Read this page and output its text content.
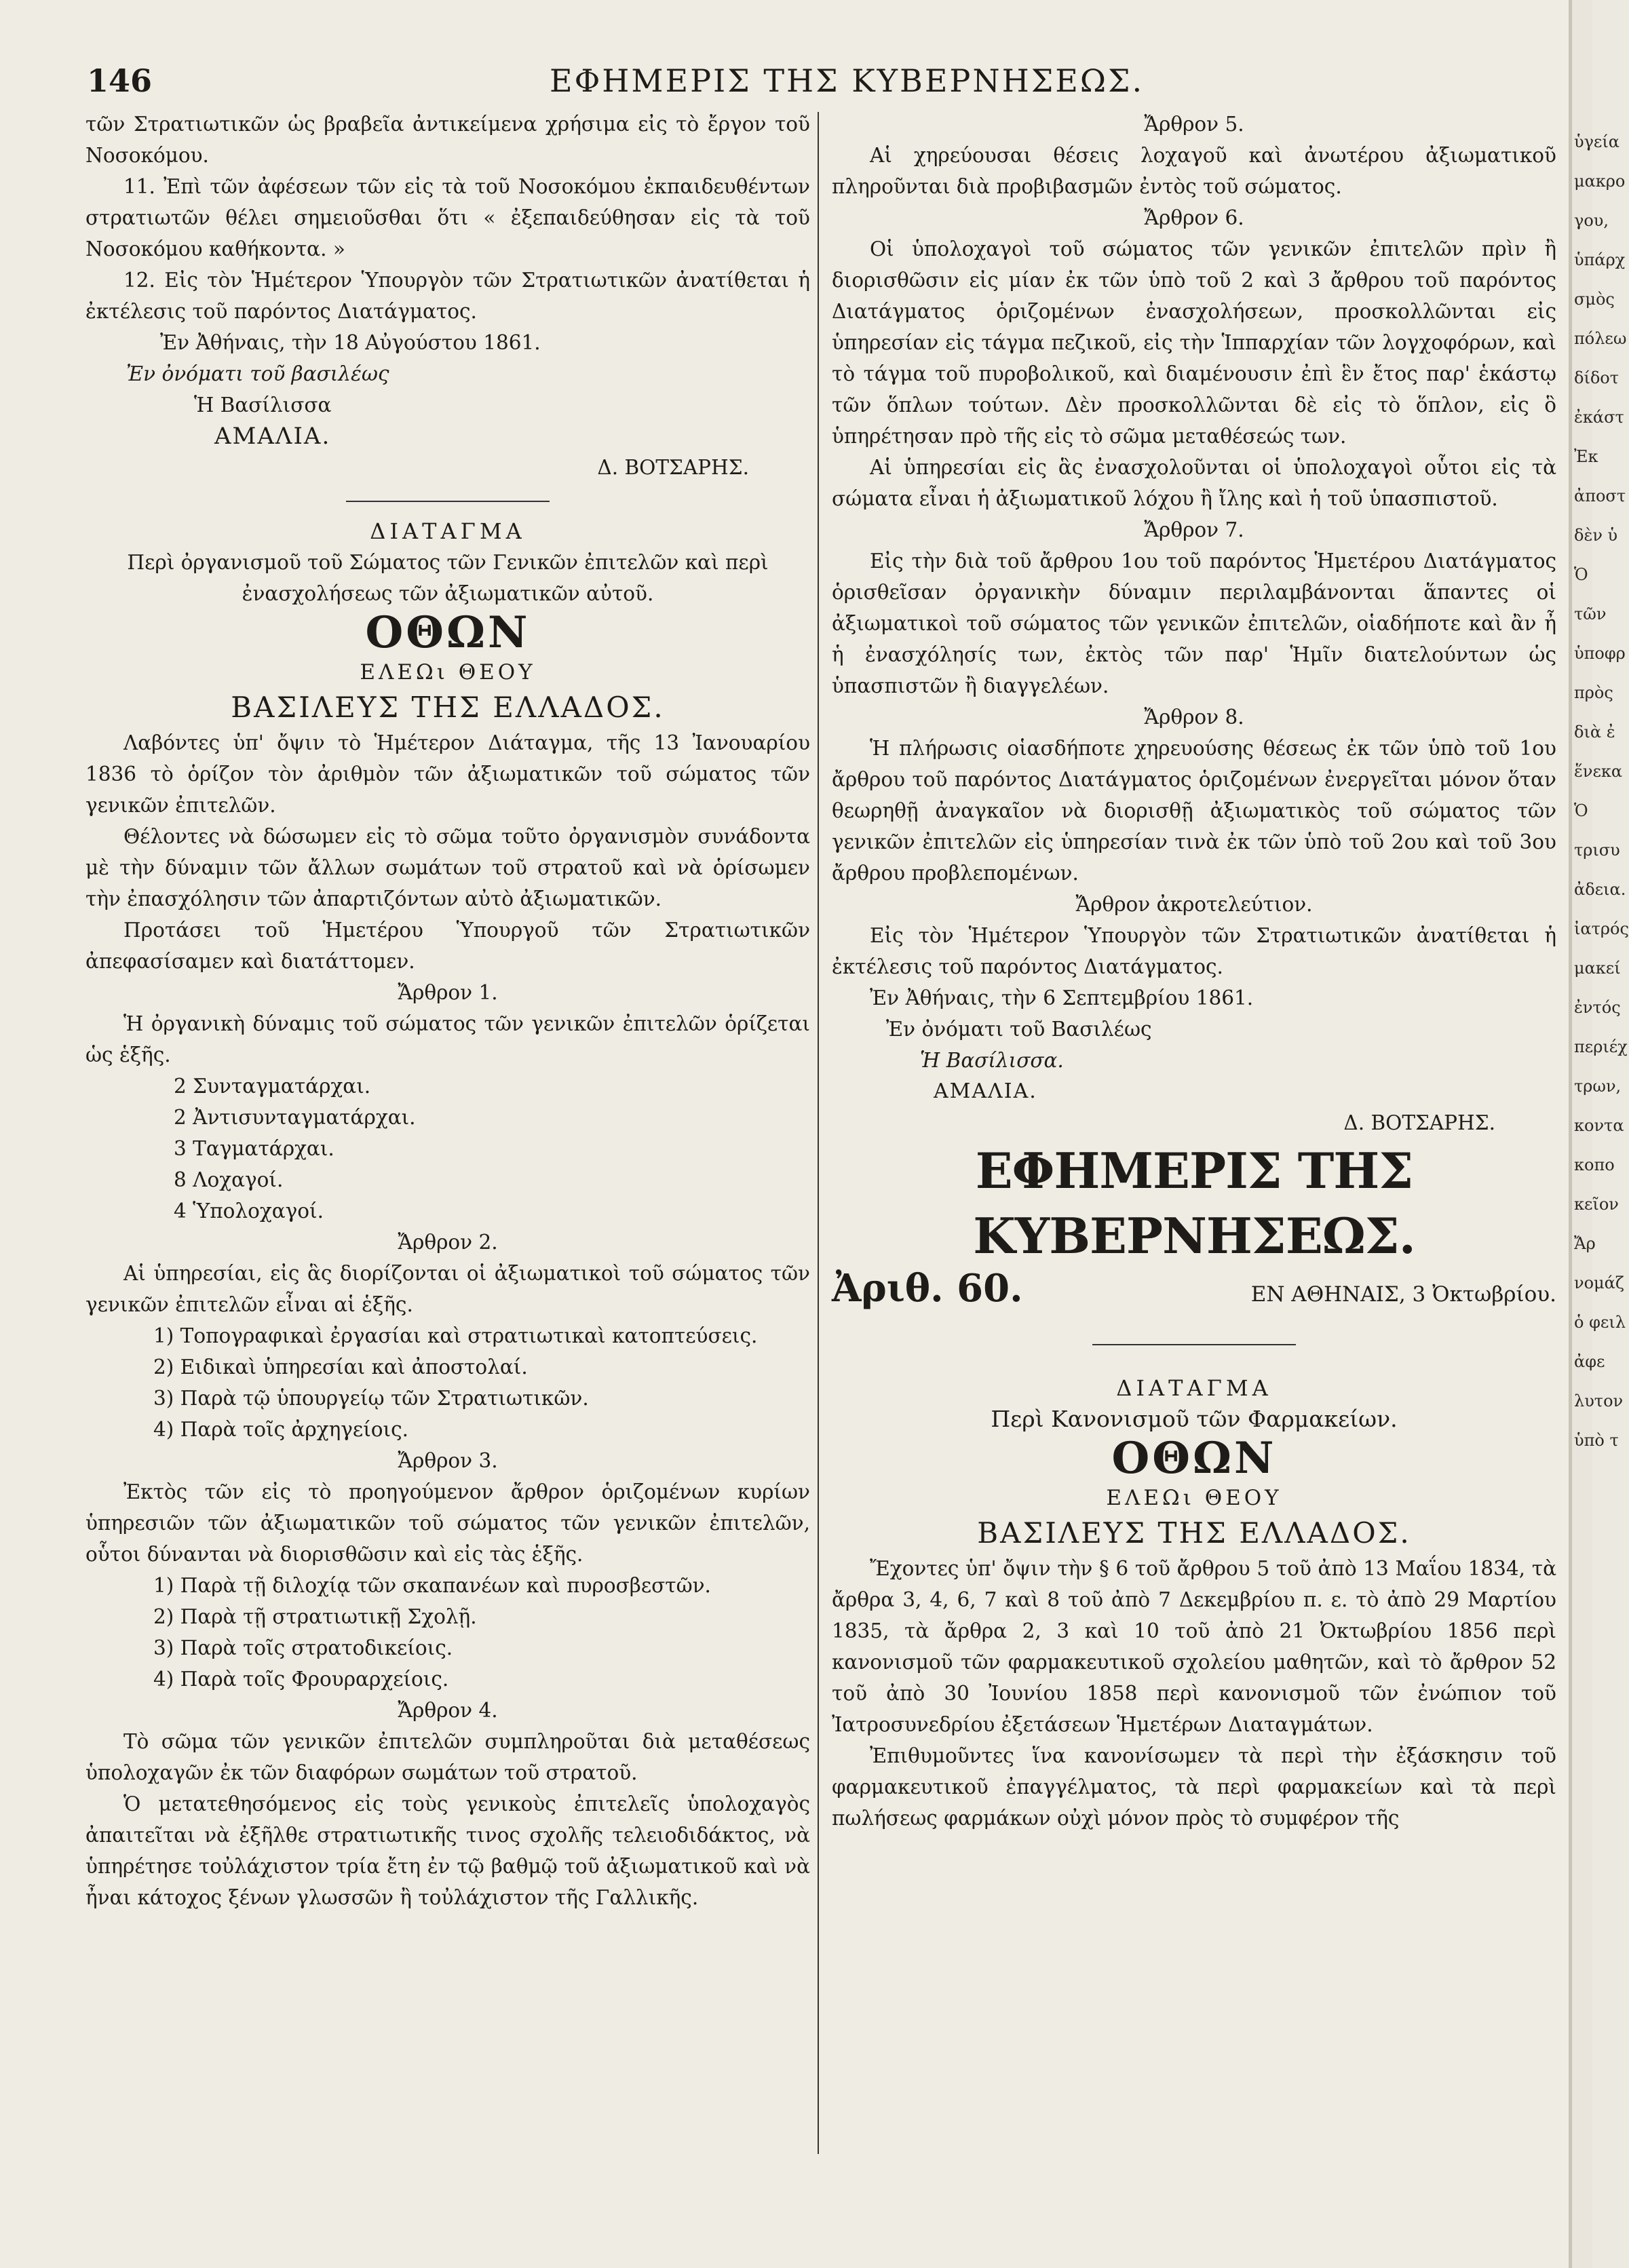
146	ΕΦΗΜΕΡΙΣ ΤΗΣ ΚΥΒΕΡΝΗΣΕΩΣ.

τῶν Στρατιωτικῶν ὡς βραβεῖα ἀντικείμενα χρήσιμα εἰς τὸ ἔργον τοῦ Νοσοκόμου.

11. Ἐπὶ τῶν ἀφέσεων τῶν εἰς τὰ τοῦ Νοσοκόμου ἐκπαιδευθέντων στρατιωτῶν θέλει σημειοῦσθαι ὅτι « ἐξεπαιδεύθησαν εἰς τὰ τοῦ Νοσοκόμου καθήκοντα. »

12. Εἰς τὸν Ἡμέτερον Ὑπουργὸν τῶν Στρατιωτικῶν ἀνατίθεται ἡ ἐκτέλεσις τοῦ παρόντος Διατάγματος.

Ἐν Ἀθήναις, τὴν 18 Αὐγούστου 1861.

Ἐν ὀνόματι τοῦ βασιλέως

Ἡ Βασίλισσα

ΑΜΑΛΙΑ.

Δ. ΒΟΤΣΑΡΗΣ.

ΔΙΑΤΑΓΜΑ

Περὶ ὀργανισμοῦ τοῦ Σώματος τῶν Γενικῶν ἐπιτελῶν καὶ περὶ ἐνασχολήσεως τῶν ἀξιωματικῶν αὐτοῦ.

ΟΘΩΝ

ΕΛΕΩι ΘΕΟΥ

ΒΑΣΙΛΕΥΣ ΤΗΣ ΕΛΛΑΔΟΣ.

Λαβόντες ὑπ' ὄψιν τὸ Ἡμέτερον Διάταγμα, τῆς 13 Ἰανουαρίου 1836 τὸ ὁρίζον τὸν ἀριθμὸν τῶν ἀξιωματικῶν τοῦ σώματος τῶν γενικῶν ἐπιτελῶν.

Θέλοντες νὰ δώσωμεν εἰς τὸ σῶμα τοῦτο ὀργανισμὸν συνάδοντα μὲ τὴν δύναμιν τῶν ἄλλων σωμάτων τοῦ στρατοῦ καὶ νὰ ὁρίσωμεν τὴν ἐπασχόλησιν τῶν ἀπαρτιζόντων αὐτὸ ἀξιωματικῶν.

Προτάσει τοῦ Ἡμετέρου Ὑπουργοῦ τῶν Στρατιωτικῶν ἀπεφασίσαμεν καὶ διατάττομεν.

Ἄρθρον 1.

Ἡ ὀργανικὴ δύναμις τοῦ σώματος τῶν γενικῶν ἐπιτελῶν ὁρίζεται ὡς ἑξῆς.

2 Συνταγματάρχαι.

2 Ἀντισυνταγματάρχαι.

3 Ταγματάρχαι.

8 Λοχαγοί.

4 Ὑπολοχαγοί.

Ἄρθρον 2.

Αἱ ὑπηρεσίαι, εἰς ἃς διορίζονται οἱ ἀξιωματικοὶ τοῦ σώματος τῶν γενικῶν ἐπιτελῶν εἶναι αἱ ἑξῆς.

1) Τοπογραφικαὶ ἐργασίαι καὶ στρατιωτικαὶ κατοπτεύσεις.

2) Ειδικαὶ ὑπηρεσίαι καὶ ἀποστολαί.

3) Παρὰ τῷ ὑπουργείῳ τῶν Στρατιωτικῶν.

4) Παρὰ τοῖς ἀρχηγείοις.

Ἄρθρον 3.

Ἐκτὸς τῶν εἰς τὸ προηγούμενον ἄρθρον ὁριζομένων κυρίων ὑπηρεσιῶν τῶν ἀξιωματικῶν τοῦ σώματος τῶν γενικῶν ἐπιτελῶν, οὗτοι δύνανται νὰ διορισθῶσιν καὶ εἰς τὰς ἑξῆς.

1) Παρὰ τῇ διλοχίᾳ τῶν σκαπανέων καὶ πυροσβεστῶν.

2) Παρὰ τῇ στρατιωτικῇ Σχολῇ.

3) Παρὰ τοῖς στρατοδικείοις.

4) Παρὰ τοῖς Φρουραρχείοις.

Ἄρθρον 4.

Τὸ σῶμα τῶν γενικῶν ἐπιτελῶν συμπληροῦται διὰ μεταθέσεως ὑπολοχαγῶν ἐκ τῶν διαφόρων σωμάτων τοῦ στρατοῦ.

Ὁ μετατεθησόμενος εἰς τοὺς γενικοὺς ἐπιτελεῖς ὑπολοχαγὸς ἀπαιτεῖται νὰ ἐξῆλθε στρατιωτικῆς τινος σχολῆς τελειοδιδάκτος, νὰ ὑπηρέτησε τοὐλάχιστον τρία ἔτη ἐν τῷ βαθμῷ τοῦ ἀξιωματικοῦ καὶ νὰ ἦναι κάτοχος ξένων γλωσσῶν ἢ τοὐλάχιστον τῆς Γαλλικῆς.

Ἄρθρον 5.

Αἱ χηρεύουσαι θέσεις λοχαγοῦ καὶ ἀνωτέρου ἀξιωματικοῦ πληροῦνται διὰ προβιβασμῶν ἐντὸς τοῦ σώματος.

Ἄρθρον 6.

Οἱ ὑπολοχαγοὶ τοῦ σώματος τῶν γενικῶν ἐπιτελῶν πρὶν ἢ διορισθῶσιν εἰς μίαν ἐκ τῶν ὑπὸ τοῦ 2 καὶ 3 ἄρθρου τοῦ παρόντος Διατάγματος ὁριζομένων ἐνασχολήσεων, προσκολλῶνται εἰς ὑπηρεσίαν εἰς τάγμα πεζικοῦ, εἰς τὴν Ἱππαρχίαν τῶν λογχοφόρων, καὶ τὸ τάγμα τοῦ πυροβολικοῦ, καὶ διαμένουσιν ἐπὶ ἓν ἔτος παρ' ἑκάστῳ τῶν ὅπλων τούτων. Δὲν προσκολλῶνται δὲ εἰς τὸ ὅπλον, εἰς ὃ ὑπηρέτησαν πρὸ τῆς εἰς τὸ σῶμα μεταθέσεώς των.

Αἱ ὑπηρεσίαι εἰς ἃς ἐνασχολοῦνται οἱ ὑπολοχαγοὶ οὗτοι εἰς τὰ σώματα εἶναι ἡ ἀξιωματικοῦ λόχου ἢ ἴλης καὶ ἡ τοῦ ὑπασπιστοῦ.

Ἄρθρον 7.

Εἰς τὴν διὰ τοῦ ἄρθρου 1ου τοῦ παρόντος Ἡμετέρου Διατάγματος ὁρισθεῖσαν ὀργανικὴν δύναμιν περιλαμβάνονται ἅπαντες οἱ ἀξιωματικοὶ τοῦ σώματος τῶν γενικῶν ἐπιτελῶν, οἱαδήποτε καὶ ἂν ἦ ἡ ἐνασχόλησίς των, ἐκτὸς τῶν παρ' Ἡμῖν διατελούντων ὡς ὑπασπιστῶν ἢ διαγγελέων.

Ἄρθρον 8.

Ἡ πλήρωσις οἱασδήποτε χηρευούσης θέσεως ἐκ τῶν ὑπὸ τοῦ 1ου ἄρθρου τοῦ παρόντος Διατάγματος ὁριζομένων ἐνεργεῖται μόνον ὅταν θεωρηθῇ ἀναγκαῖον νὰ διορισθῇ ἀξιωματικὸς τοῦ σώματος τῶν γενικῶν ἐπιτελῶν εἰς ὑπηρεσίαν τινὰ ἐκ τῶν ὑπὸ τοῦ 2ου καὶ τοῦ 3ου ἄρθρου προβλεπομένων.

Ἄρθρον ἀκροτελεύτιον.

Εἰς τὸν Ἡμέτερον Ὑπουργὸν τῶν Στρατιωτικῶν ἀνατίθεται ἡ ἐκτέλεσις τοῦ παρόντος Διατάγματος.

Ἐν Ἀθήναις, τὴν 6 Σεπτεμβρίου 1861.

Ἐν ὀνόματι τοῦ Βασιλέως

Ἡ Βασίλισσα.

ΑΜΑΛΙΑ.

Δ. ΒΟΤΣΑΡΗΣ.

ΕΦΗΜΕΡΙΣ ΤΗΣ ΚΥΒΕΡΝΗΣΕΩΣ.

Ἀριθ. 60.	ΕΝ ΑΘΗΝΑΙΣ, 3 Ὀκτωβρίου.

ΔΙΑΤΑΓΜΑ

Περὶ Κανονισμοῦ τῶν Φαρμακείων.

ΟΘΩΝ

ΕΛΕΩι ΘΕΟΥ

ΒΑΣΙΛΕΥΣ ΤΗΣ ΕΛΛΑΔΟΣ.

Ἔχοντες ὑπ' ὄψιν τὴν § 6 τοῦ ἄρθρου 5 τοῦ ἀπὸ 13 Μαΐου 1834, τὰ ἄρθρα 3, 4, 6, 7 καὶ 8 τοῦ ἀπὸ 7 Δεκεμβρίου π. ε. τὸ ἀπὸ 29 Μαρτίου 1835, τὰ ἄρθρα 2, 3 καὶ 10 τοῦ ἀπὸ 21 Ὀκτωβρίου 1856 περὶ κανονισμοῦ τῶν φαρμακευτικοῦ σχολείου μαθητῶν, καὶ τὸ ἄρθρον 52 τοῦ ἀπὸ 30 Ἰουνίου 1858 περὶ κανονισμοῦ τῶν ἐνώπιον τοῦ Ἰατροσυνεδρίου ἐξετάσεων Ἡμετέρων Διαταγμάτων.

Ἐπιθυμοῦντες ἵνα κανονίσωμεν τὰ περὶ τὴν ἐξάσκησιν τοῦ φαρμακευτικοῦ ἐπαγγέλματος, τὰ περὶ φαρμακείων καὶ τὰ περὶ πωλήσεως φαρμάκων οὐχὶ μόνον πρὸς τὸ συμφέρον τῆς

ὑγεία
μακρο
γου,
ὑπάρχ
σμὸς
πόλεω
δίδοτ
ἐκάστ
Ἐκ
ἀποστ
δὲν ὑ
Ὁ
τῶν
ὑποφρ
πρὸς
διὰ ἐ
ἕνεκα
Ὁ
τρισυ
ἀδεια.
ἰατρός
μακεί
ἐντός
περιέχ
τρων,
κοντα
κοπο
κεῖον
Ἄρ
νομάζ
ὁ φειλ
ἀφε
λυτον
ὑπὸ τ
